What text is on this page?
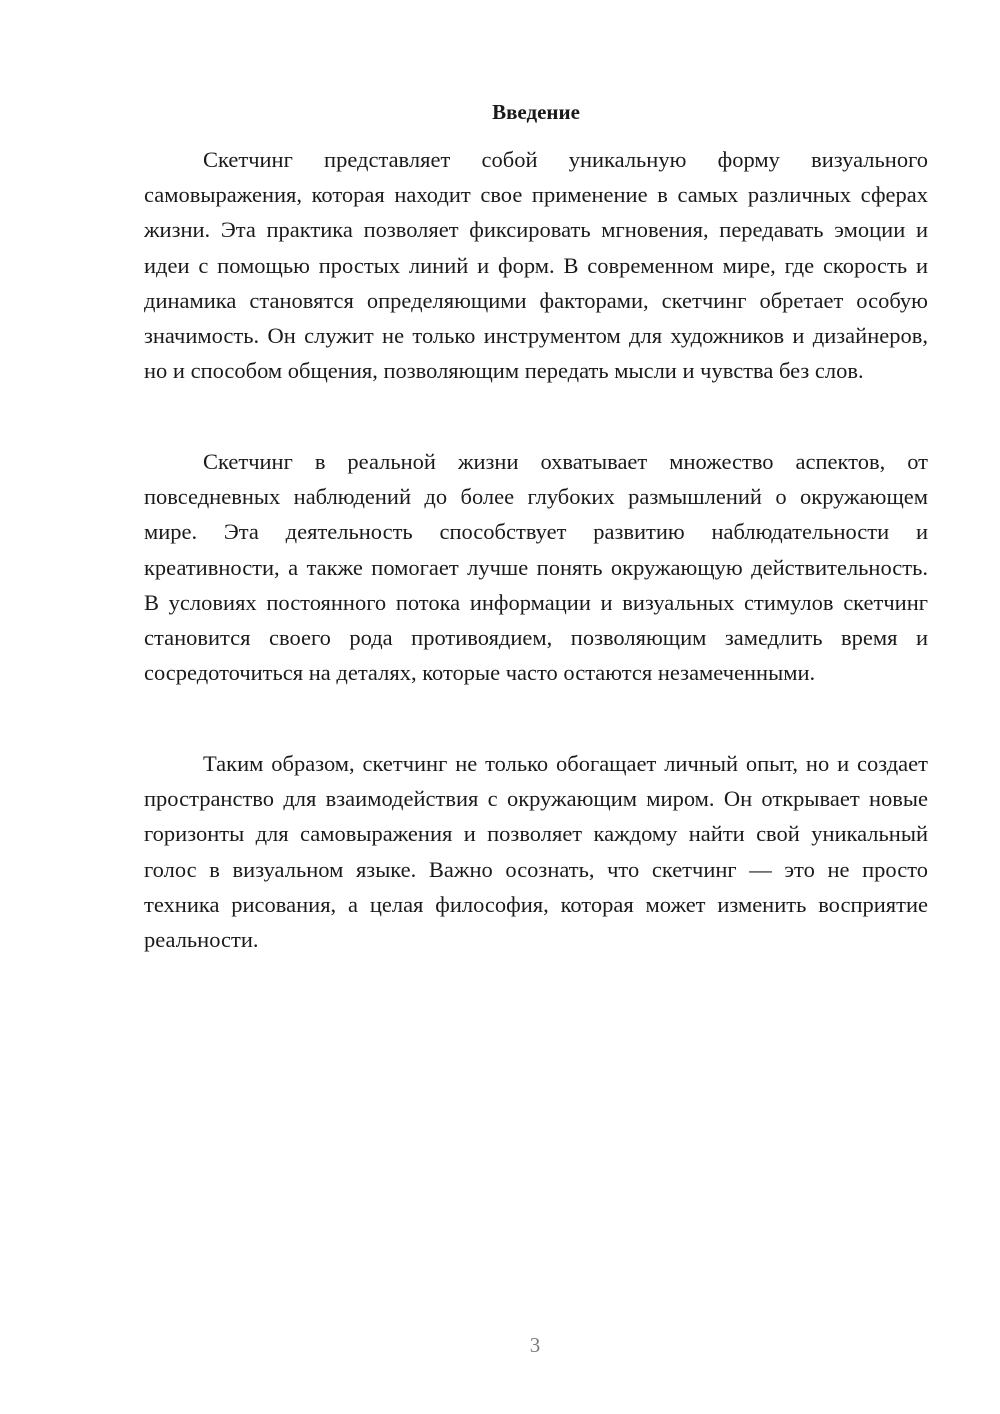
Введение

Скетчинг представляет собой уникальную форму визуального самовыражения, которая находит свое применение в самых различных сферах жизни. Эта практика позволяет фиксировать мгновения, передавать эмоции и идеи с помощью простых линий и форм. В современном мире, где скорость и динамика становятся определяющими факторами, скетчинг обретает особую значимость. Он служит не только инструментом для художников и дизайнеров, но и способом общения, позволяющим передать мысли и чувства без слов.

Скетчинг в реальной жизни охватывает множество аспектов, от повседневных наблюдений до более глубоких размышлений о окружающем мире. Эта деятельность способствует развитию наблюдательности и креативности, а также помогает лучше понять окружающую действительность. В условиях постоянного потока информации и визуальных стимулов скетчинг становится своего рода противоядием, позволяющим замедлить время и сосредоточиться на деталях, которые часто остаются незамеченными.

Таким образом, скетчинг не только обогащает личный опыт, но и создает пространство для взаимодействия с окружающим миром. Он открывает новые горизонты для самовыражения и позволяет каждому найти свой уникальный голос в визуальном языке. Важно осознать, что скетчинг — это не просто техника рисования, а целая философия, которая может изменить восприятие реальности.

3
